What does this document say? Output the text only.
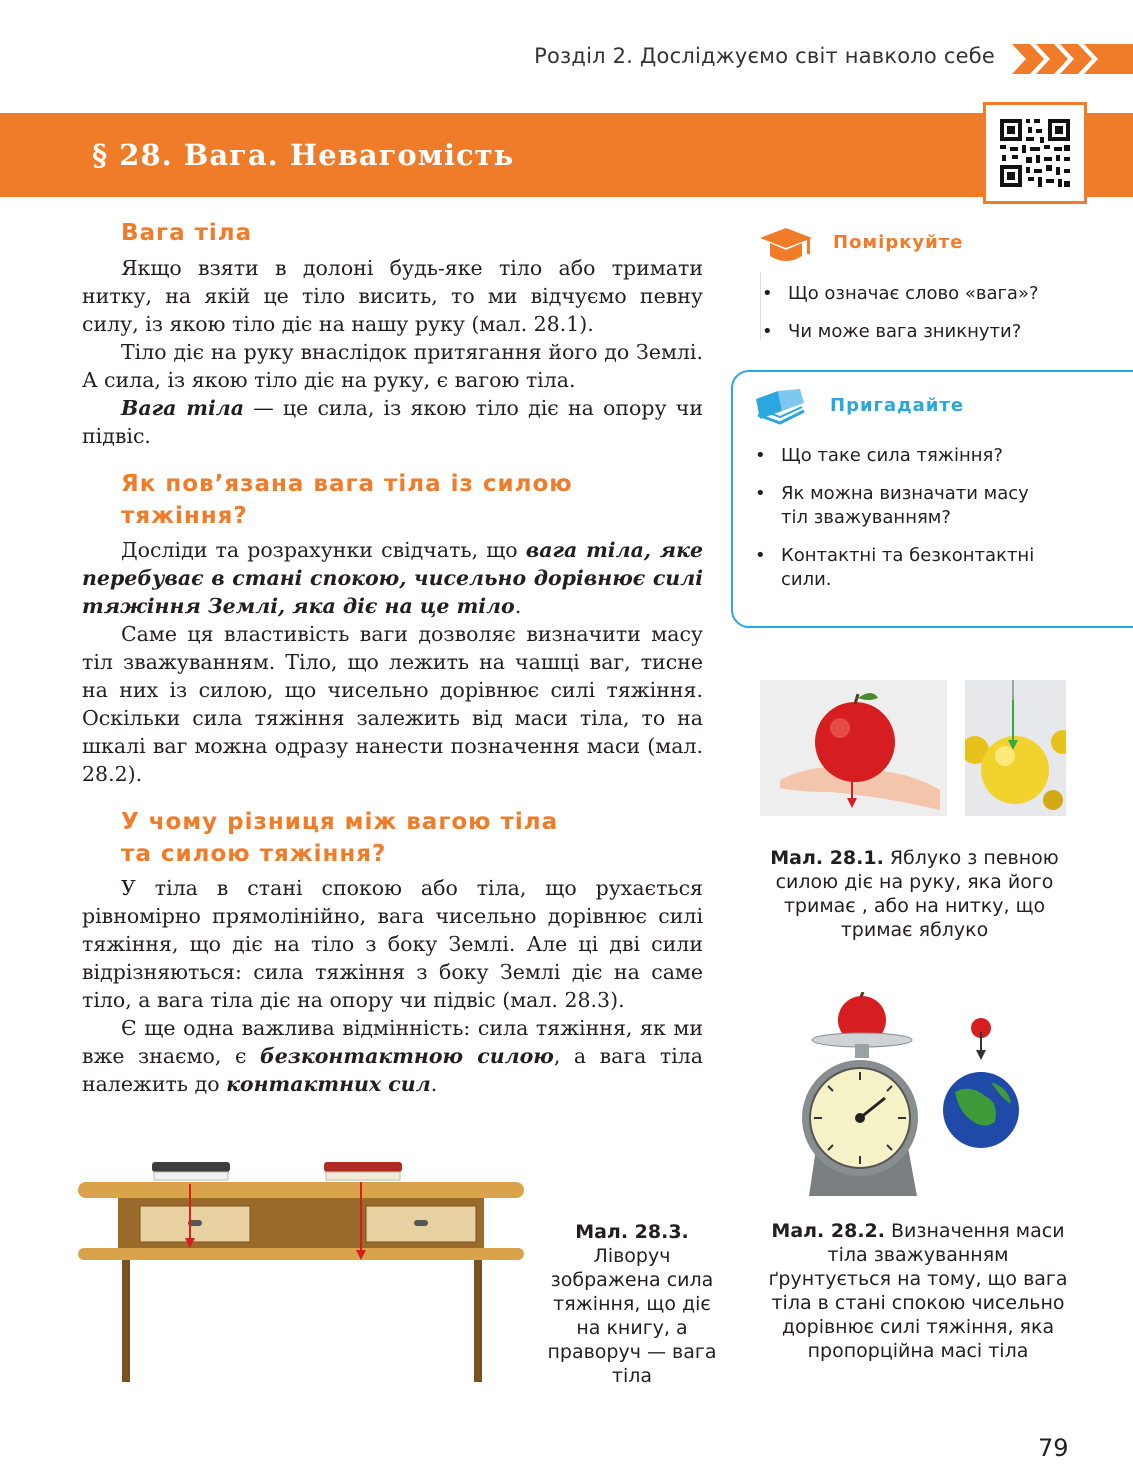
Розділ 2. Досліджуємо світ навколо себе
§ 28. Вага. Невагомість
Вага тіла

Якщо взяти в долоні будь-яке тіло або тримати нитку, на якій це тіло висить, то ми відчуємо певну силу, із якою тіло діє на нашу руку (мал. 28.1).

Тіло діє на руку внаслідок притягання його до Землі. А сила, із якою тіло діє на руку, є вагою тіла.

Вага тіла — це сила, із якою тіло діє на опору чи підвіс.

Як пов’язана вага тіла із силою
тяжіння?

Досліди та розрахунки свідчать, що вага тіла, яке перебуває в стані спокою, чисельно дорівнює силі тяжіння Землі, яка діє на це тіло.

Саме ця властивість ваги дозволяє визначити масу тіл зважуванням. Тіло, що лежить на чашці ваг, тисне на них із силою, що чисельно дорівнює силі тяжіння. Оскільки сила тяжіння залежить від маси тіла, то на шкалі ваг можна одразу нанести позначення маси (мал. 28.2).

У чому різниця між вагою тіла
та силою тяжіння?

У тіла в стані спокою або тіла, що рухається рівномірно прямолінійно, вага чисельно дорівнює силі тяжіння, що діє на тіло з боку Землі. Але ці дві сили відрізняються: сила тяжіння з боку Землі діє на саме тіло, а вага тіла діє на опору чи підвіс (мал. 28.3).

Є ще одна важлива відмінність: сила тяжіння, як ми вже знаємо, є безконтактною силою, а вага тіла належить до контактних сил.

Поміркуйте
• Що означає слово «вага»?
• Чи може вага зникнути?
Пригадайте
• Що таке сила тяжіння?
• Як можна визначати масу тіл зважуванням?
• Контактні та безконтактні сили.
Мал. 28.1. Яблуко з певною силою діє на руку, яка його тримає , або на нитку, що тримає яблуко
Мал. 28.2. Визначення маси тіла зважуванням ґрунтується на тому, що вага тіла в стані спокою чисельно дорівнює силі тяжіння, яка пропорційна масі тіла
Мал. 28.3.
Ліворуч зображена сила тяжіння, що діє на книгу, а праворуч — вага тіла
79
